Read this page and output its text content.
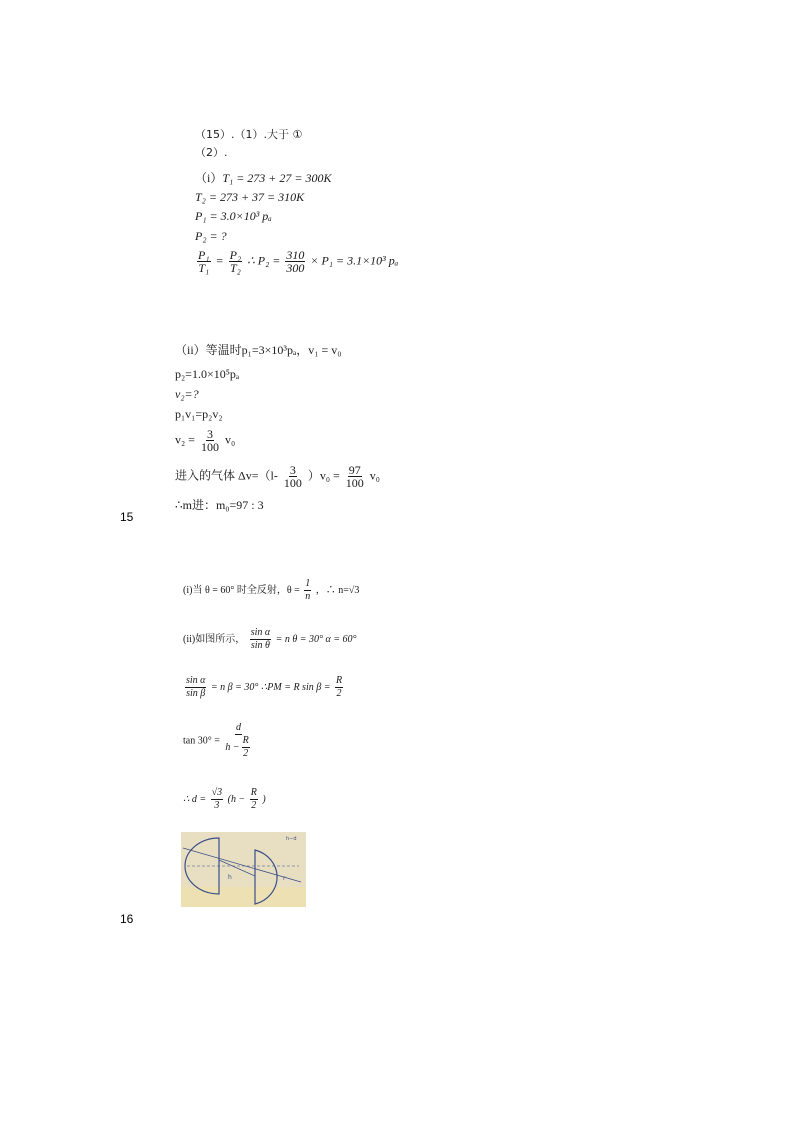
（15）.（1）.大于 ①
（2）.
（i）T₁ = 273 + 27 = 300K
T₂ = 273 + 37 = 310K
P₁ = 3.0×10³ pₐ
P₂ = ?
$\frac{\text{P₁}}{\text{T₁}} = \frac{\text{P₂}}{\text{T₂}}$ ∴ $P_2 = \frac{310}{300} \times P_1 = 3.1\times 10^3$ pₐ
（ii）等温时p₁=3×10³pₐ，v₁ = v₀
p₂=1.0×10⁵pₐ
v₂=?
p₁v₁=p₂v₂
$v_2 = \frac{3}{100} v_0$
进入的气体 $\Delta v=(l- \frac{3}{100} )v_0 = \frac{97}{100} v_0$
∴m进：m₀=97 : 3
15
(i)当 θ = 60° 时全反射，$\theta = \frac{1}{n}$ ，∴ n=√3
(ii)如图所示， $\frac{\text{sin α}}{\text{sin θ}} = n$ θ = 30° α = 60°
$\frac{\text{sin α}}{\text{sin β}} = n$ β = 30° ∴PM = R $\sin \beta = \frac{R}{2}$
$\tan 30^\circ = \frac{d}{h - \frac{R}{2}}$
∴ $d = \frac{√3}{3} (h - \frac{R}{2}$ )
h−d
h	r
16
